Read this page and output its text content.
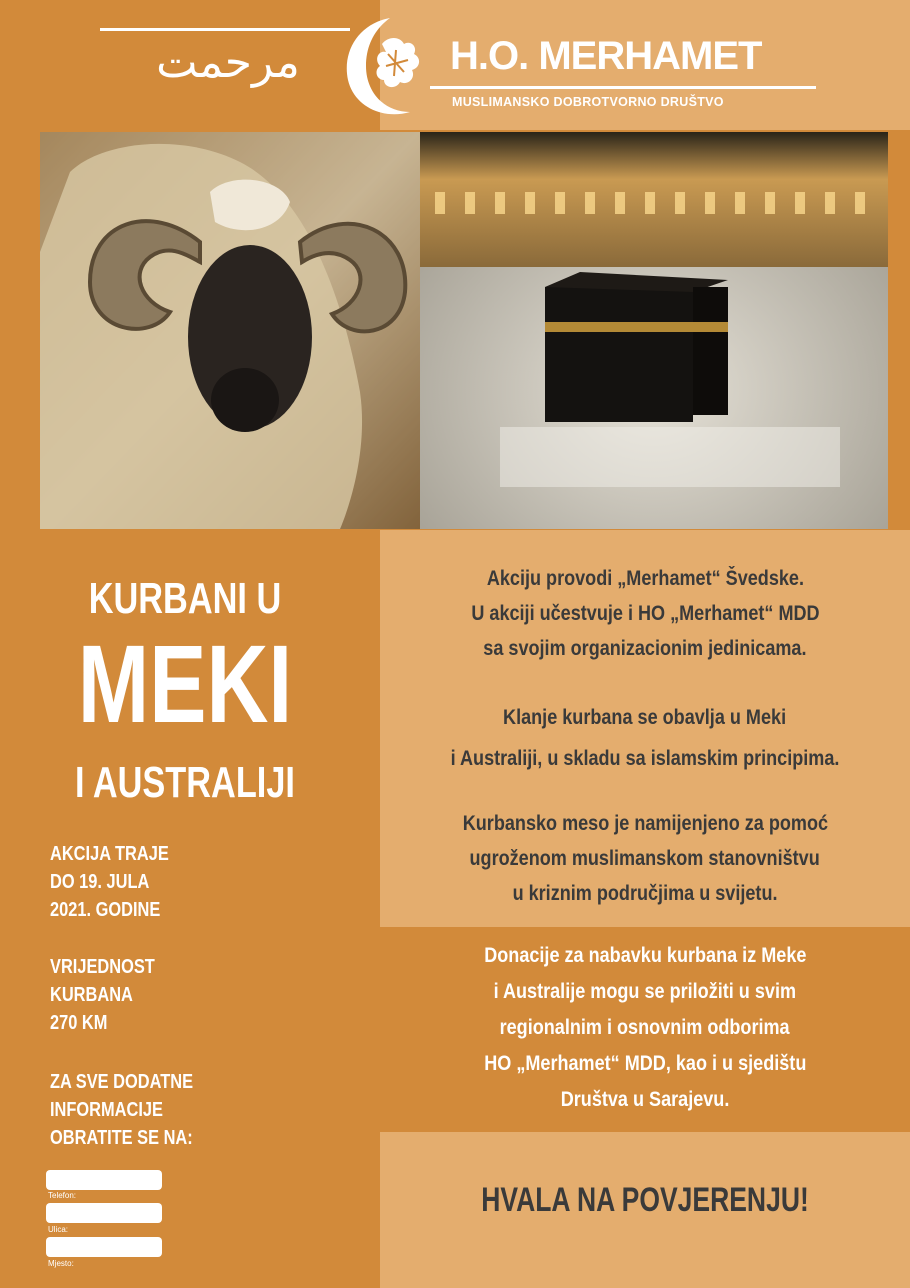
مرحمت	H.O. MERHAMET
MUSLIMANSKO DOBROTVORNO DRUŠTVO
KURBANI U
MEKI
I AUSTRALIJI
AKCIJA TRAJE
DO 19. JULA
2021. GODINE
VRIJEDNOST
KURBANA
270 KM
ZA SVE DODATNE
INFORMACIJE
OBRATITE SE NA:
Telefon:
Ulica:
Mjesto:
Akciju provodi „Merhamet“ Švedske.
U akciji učestvuje i HO „Merhamet“ MDD
sa svojim organizacionim jedinicama.
Klanje kurbana se obavlja u Meki
i Australiji, u skladu sa islamskim principima.
Kurbansko meso je namijenjeno za pomoć
ugroženom muslimanskom stanovništvu
u kriznim područjima u svijetu.
Donacije za nabavku kurbana iz Meke
i Australije mogu se priložiti u svim
regionalnim i osnovnim odborima
HO „Merhamet“ MDD, kao i u sjedištu
Društva u Sarajevu.
HVALA NA POVJERENJU!
